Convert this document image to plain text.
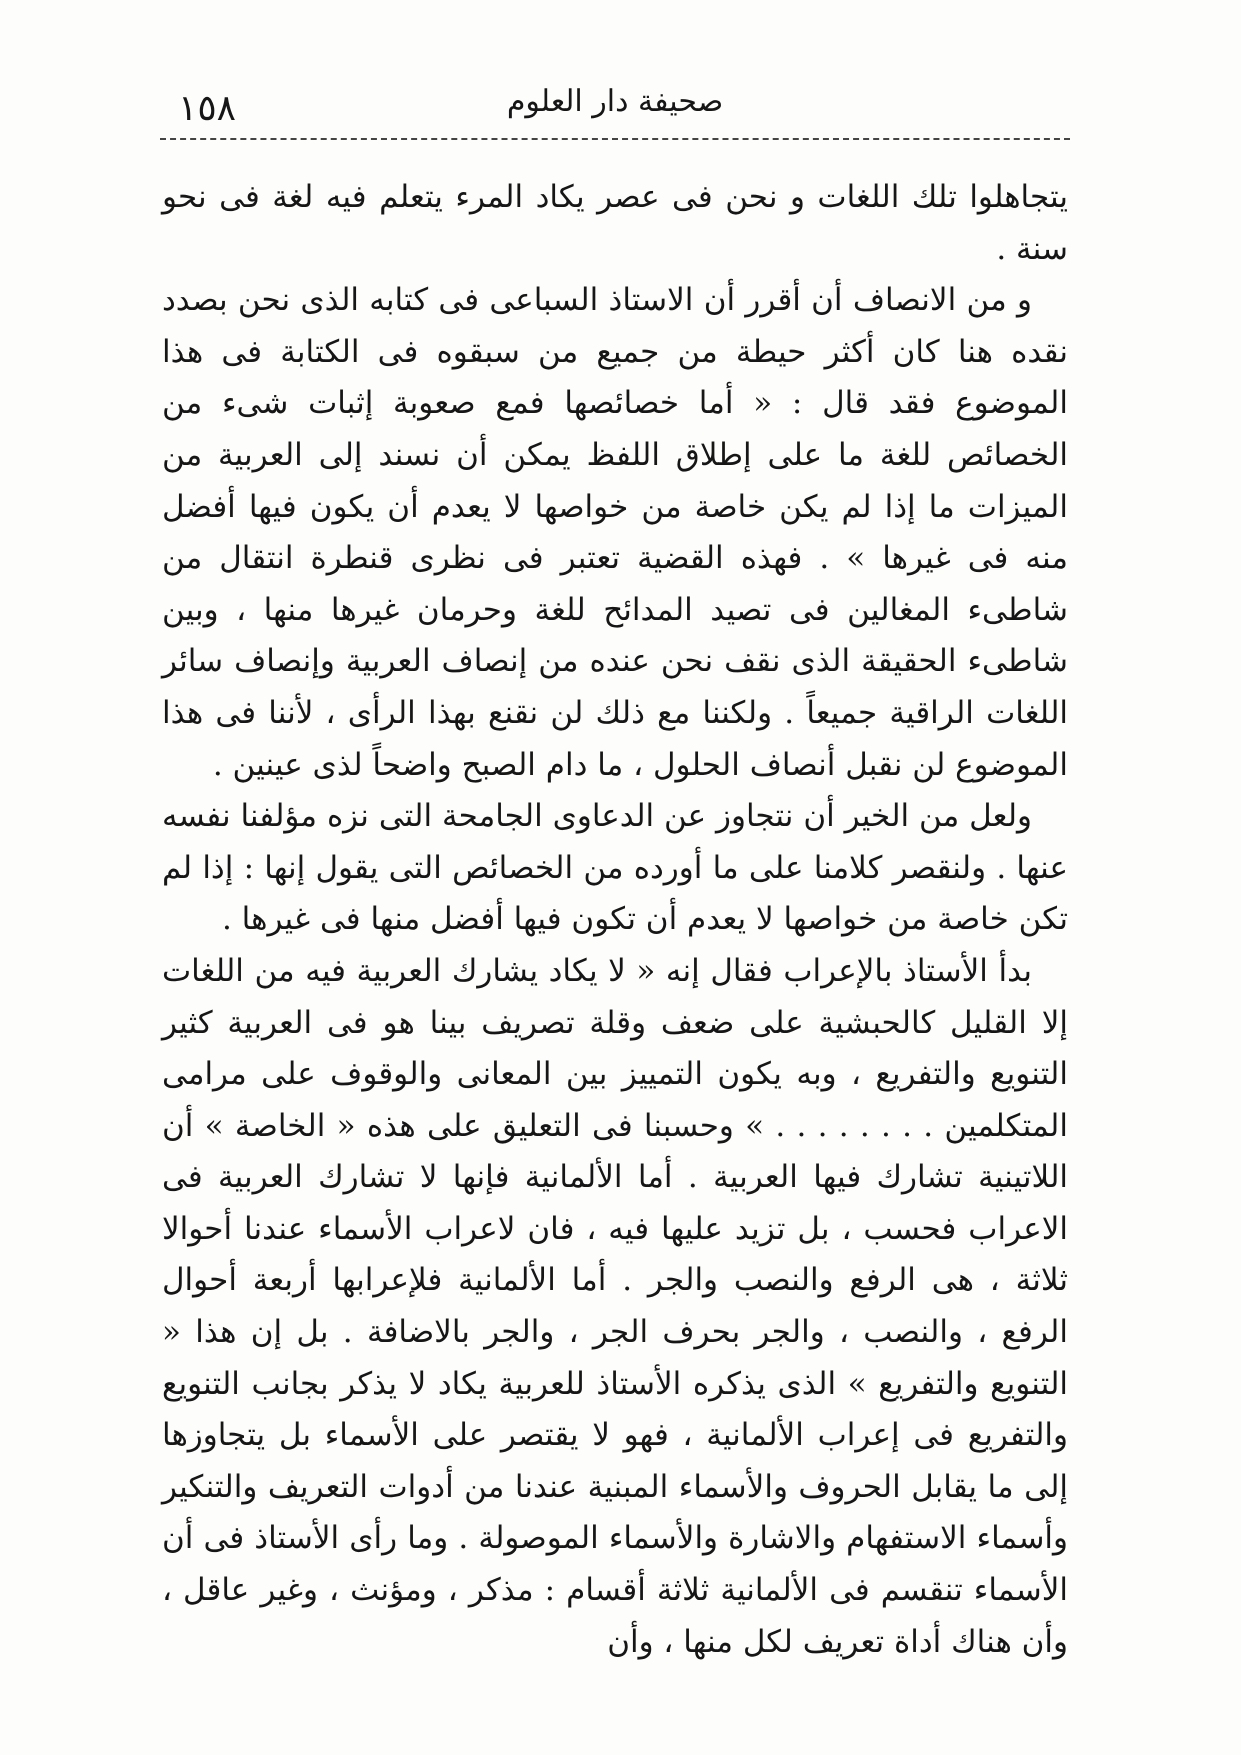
١٥٨	صحيفة دار العلوم

يتجاهلوا تلك اللغات و نحن فى عصر يكاد المرء يتعلم فيه لغة فى نحو سنة .

و من الانصاف أن أقرر أن الاستاذ السباعى فى كتابه الذى نحن بصدد نقده هنا كان أكثر حيطة من جميع من سبقوه فى الكتابة فى هذا الموضوع فقد قال : « أما خصائصها فمع صعوبة إثبات شىء من الخصائص للغة ما على إطلاق اللفظ يمكن أن نسند إلى العربية من الميزات ما إذا لم يكن خاصة من خواصها لا يعدم أن يكون فيها أفضل منه فى غيرها » . فهذه القضية تعتبر فى نظرى قنطرة انتقال من شاطىء المغالين فى تصيد المدائح للغة وحرمان غيرها منها ، وبين شاطىء الحقيقة الذى نقف نحن عنده من إنصاف العربية وإنصاف سائر اللغات الراقية جميعاً . ولكننا مع ذلك لن نقنع بهذا الرأى ، لأننا فى هذا الموضوع لن نقبل أنصاف الحلول ، ما دام الصبح واضحاً لذى عينين .

ولعل من الخير أن نتجاوز عن الدعاوى الجامحة التى نزه مؤلفنا نفسه عنها . ولنقصر كلامنا على ما أورده من الخصائص التى يقول إنها : إذا لم تكن خاصة من خواصها لا يعدم أن تكون فيها أفضل منها فى غيرها .

بدأ الأستاذ بالإعراب فقال إنه « لا يكاد يشارك العربية فيه من اللغات إلا القليل كالحبشية على ضعف وقلة تصريف بينا هو فى العربية كثير التنويع والتفريع ، وبه يكون التمييز بين المعانى والوقوف على مرامى المتكلمين . . . . . . . . » وحسبنا فى التعليق على هذه « الخاصة » أن اللاتينية تشارك فيها العربية . أما الألمانية فإنها لا تشارك العربية فى الاعراب فحسب ، بل تزيد عليها فيه ، فان لاعراب الأسماء عندنا أحوالا ثلاثة ، هى الرفع والنصب والجر . أما الألمانية فلإعرابها أربعة أحوال الرفع ، والنصب ، والجر بحرف الجر ، والجر بالاضافة . بل إن هذا « التنويع والتفريع » الذى يذكره الأستاذ للعربية يكاد لا يذكر بجانب التنويع والتفريع فى إعراب الألمانية ، فهو لا يقتصر على الأسماء بل يتجاوزها إلى ما يقابل الحروف والأسماء المبنية عندنا من أدوات التعريف والتنكير وأسماء الاستفهام والاشارة والأسماء الموصولة . وما رأى الأستاذ فى أن الأسماء تنقسم فى الألمانية ثلاثة أقسام : مذكر ، ومؤنث ، وغير عاقل ، وأن هناك أداة تعريف لكل منها ، وأن
